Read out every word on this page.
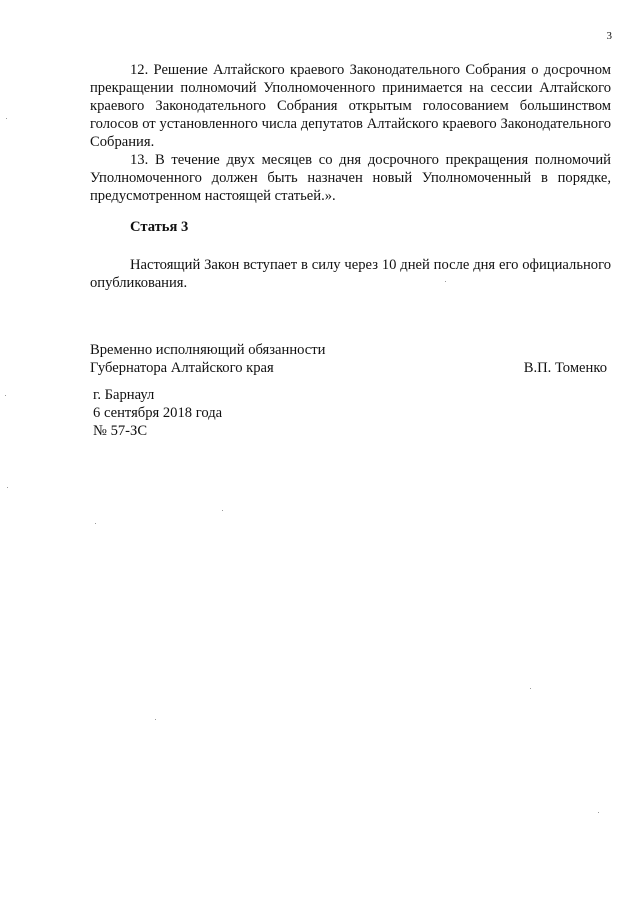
3

12. Решение Алтайского краевого Законодательного Собрания о досрочном прекращении полномочий Уполномоченного принимается на сессии Алтайского краевого Законодательного Собрания открытым голосованием большинством голосов от установленного числа депутатов Алтайского краевого Законодательного Собрания.

13. В течение двух месяцев со дня досрочного прекращения полномочий Уполномоченного должен быть назначен новый Уполномоченный в порядке, предусмотренном настоящей статьей.».

Статья 3

Настоящий Закон вступает в силу через 10 дней после дня его официального опубликования.

Временно исполняющий обязанности
Губернатора Алтайского края	В.П. Томенко
г. Барнаул
6 сентября 2018 года
№ 57-ЗС
